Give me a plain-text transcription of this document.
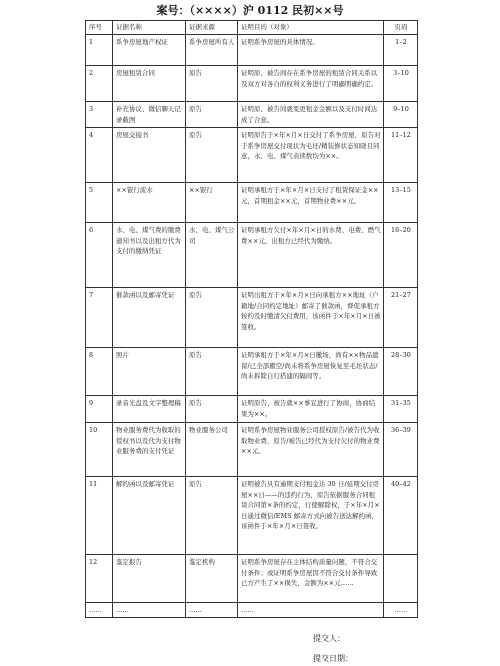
案号：（××××）沪 0112 民初××号
序号	证据名称	证据来源	证明目的（对象）	页码
1	系争房屋地产权证	系争房屋所有人	证明系争房屋的具体情况。	1–2
2	房屋租赁合同	原告	证明原、被告间存在系争房屋的租赁合同关系以及双方对各自的权利义务进行了明确明确约定。	3–10
3	补充协议、微信聊天记录截图	原告	证明原、被告间就变更租金金额以及支付时间达成了合意。	9–10
4	房屋交接书	原告	证明原告于×年×月×日交付了系争房屋，原告对于系争房屋交付现状为毛坯/精装修状态知晓且同意，水、电、煤气表读数均为××。	11–12
5	××银行流水	××银行	证明承租方于×年×月×日支付了租赁保证金××元，首期租金××元，首期物业费××元。	13–15
6	水、电、煤气费的缴费通知书以及出租方代为支付的缴纳凭证	水、电、煤气公司	证明承租方欠付×年×月×日的水费、电费、燃气费××元，出租方已经代为缴纳。	16–20
7	催款函以及邮寄凭证	原告	证明出租方于×年×月×日向承租方××地址（户籍地/合同约定地址）邮寄了催款函，督促承租方按约及时缴清欠付费用，该函件于×年×月×日被签收。	21–27
8	照片	原告	证明承租方于×年×月×日撤场，尚有××物品遗留/已全部搬空/尚未将系争房屋恢复至毛坯状态/尚未拆除自行搭建的隔间等。	28–30
9	录音光盘及文字整理稿	原告	证明原告、被告就××事宜进行了协商，协商结果为××。	31–35
10	物业服务费代为收取的授权书以及代为支付物业服务费的支付凭证	物业服务公司	证明系争房屋物业服务公司授权原告/被告代为收取物业费，原告/被告已经代为支付欠付的物业费××元。	36–39
11	解约函以及邮寄凭证	原告	证明被告具有逾期支付租金达 30 日/延期交付房屋××日——的违约行为，原告依据服务合同租赁合同第×条的约定，行使解除权，于×年×月×日通过微信/EMS 邮寄方式向被告送达解约函，该函件于×年×月×日签收。	40–42
12	鉴定报告	鉴定机构	证明系争房屋存在主体结构质量问题，不符合交付条件；或证明系争房屋因不符合交付条件导致已方产生了××损失，金额为××元……	
……	……	……	……	……
提交人：
提交日期：
